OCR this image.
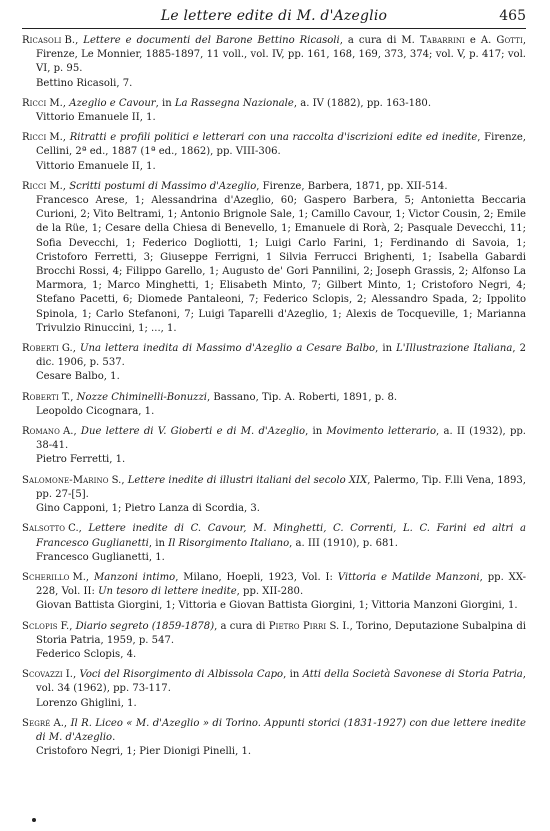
Le lettere edite di M. d'Azeglio	465
Ricasoli B., Lettere e documenti del Barone Bettino Ricasoli, a cura di M. Tabarrini e A. Gotti, Firenze, Le Monnier, 1885-1897, 11 voll., vol. IV, pp. 161, 168, 169, 373, 374; vol. V, p. 417; vol. VI, p. 95.
Bettino Ricasoli, 7.
Ricci M., Azeglio e Cavour, in La Rassegna Nazionale, a. IV (1882), pp. 163-180.
Vittorio Emanuele II, 1.
Ricci M., Ritratti e profili politici e letterari con una raccolta d'iscrizioni edite ed inedite, Firenze, Cellini, 2ª ed., 1887 (1ª ed., 1862), pp. VIII-306.
Vittorio Emanuele II, 1.
Ricci M., Scritti postumi di Massimo d'Azeglio, Firenze, Barbera, 1871, pp. XII-514.
Francesco Arese, 1; Alessandrina d'Azeglio, 60; Gaspero Barbera, 5; Antonietta Beccaria Curioni, 2; Vito Beltrami, 1; Antonio Brignole Sale, 1; Camillo Cavour, 1; Victor Cousin, 2; Emile de la Rüe, 1; Cesare della Chiesa di Benevello, 1; Emanuele di Rorà, 2; Pasquale Devecchi, 11; Sofia Devecchi, 1; Federico Dogliotti, 1; Luigi Carlo Farini, 1; Ferdinando di Savoia, 1; Cristoforo Ferretti, 3; Giuseppe Ferrigni, 1 Silvia Ferrucci Brighenti, 1; Isabella Gabardi Brocchi Rossi, 4; Filippo Garello, 1; Augusto de' Gori Pannilini, 2; Joseph Grassis, 2; Alfonso La Marmora, 1; Marco Minghetti, 1; Elisabeth Minto, 7; Gilbert Minto, 1; Cristoforo Negri, 4; Stefano Pacetti, 6; Diomede Pantaleoni, 7; Federico Sclopis, 2; Alessandro Spada, 2; Ippolito Spinola, 1; Carlo Stefanoni, 7; Luigi Taparelli d'Azeglio, 1; Alexis de Tocqueville, 1; Marianna Trivulzio Rinuccini, 1; ..., 1.
Roberti G., Una lettera inedita di Massimo d'Azeglio a Cesare Balbo, in L'Illustrazione Italiana, 2 dic. 1906, p. 537.
Cesare Balbo, 1.
Roberti T., Nozze Chiminelli-Bonuzzi, Bassano, Tip. A. Roberti, 1891, p. 8.
Leopoldo Cicognara, 1.
Romano A., Due lettere di V. Gioberti e di M. d'Azeglio, in Movimento letterario, a. II (1932), pp. 38-41.
Pietro Ferretti, 1.
Salomone-Marino S., Lettere inedite di illustri italiani del secolo XIX, Palermo, Tip. F.lli Vena, 1893, pp. 27-[5].
Gino Capponi, 1; Pietro Lanza di Scordia, 3.
Salsotto C., Lettere inedite di C. Cavour, M. Minghetti, C. Correnti, L. C. Farini ed altri a Francesco Guglianetti, in Il Risorgimento Italiano, a. III (1910), p. 681.
Francesco Guglianetti, 1.
Scherillo M., Manzoni intimo, Milano, Hoepli, 1923, Vol. I: Vittoria e Matilde Manzoni, pp. XX-228, Vol. II: Un tesoro di lettere inedite, pp. XII-280.
Giovan Battista Giorgini, 1; Vittoria e Giovan Battista Giorgini, 1; Vittoria Manzoni Giorgini, 1.
Sclopis F., Diario segreto (1859-1878), a cura di Pietro Pirri S. I., Torino, Deputazione Subalpina di Storia Patria, 1959, p. 547.
Federico Sclopis, 4.
Scovazzi I., Voci del Risorgimento di Albissola Capo, in Atti della Società Savonese di Storia Patria, vol. 34 (1962), pp. 73-117.
Lorenzo Ghiglini, 1.
Segré A., Il R. Liceo « M. d'Azeglio » di Torino. Appunti storici (1831-1927) con due lettere inedite di M. d'Azeglio.
Cristoforo Negri, 1; Pier Dionigi Pinelli, 1.
